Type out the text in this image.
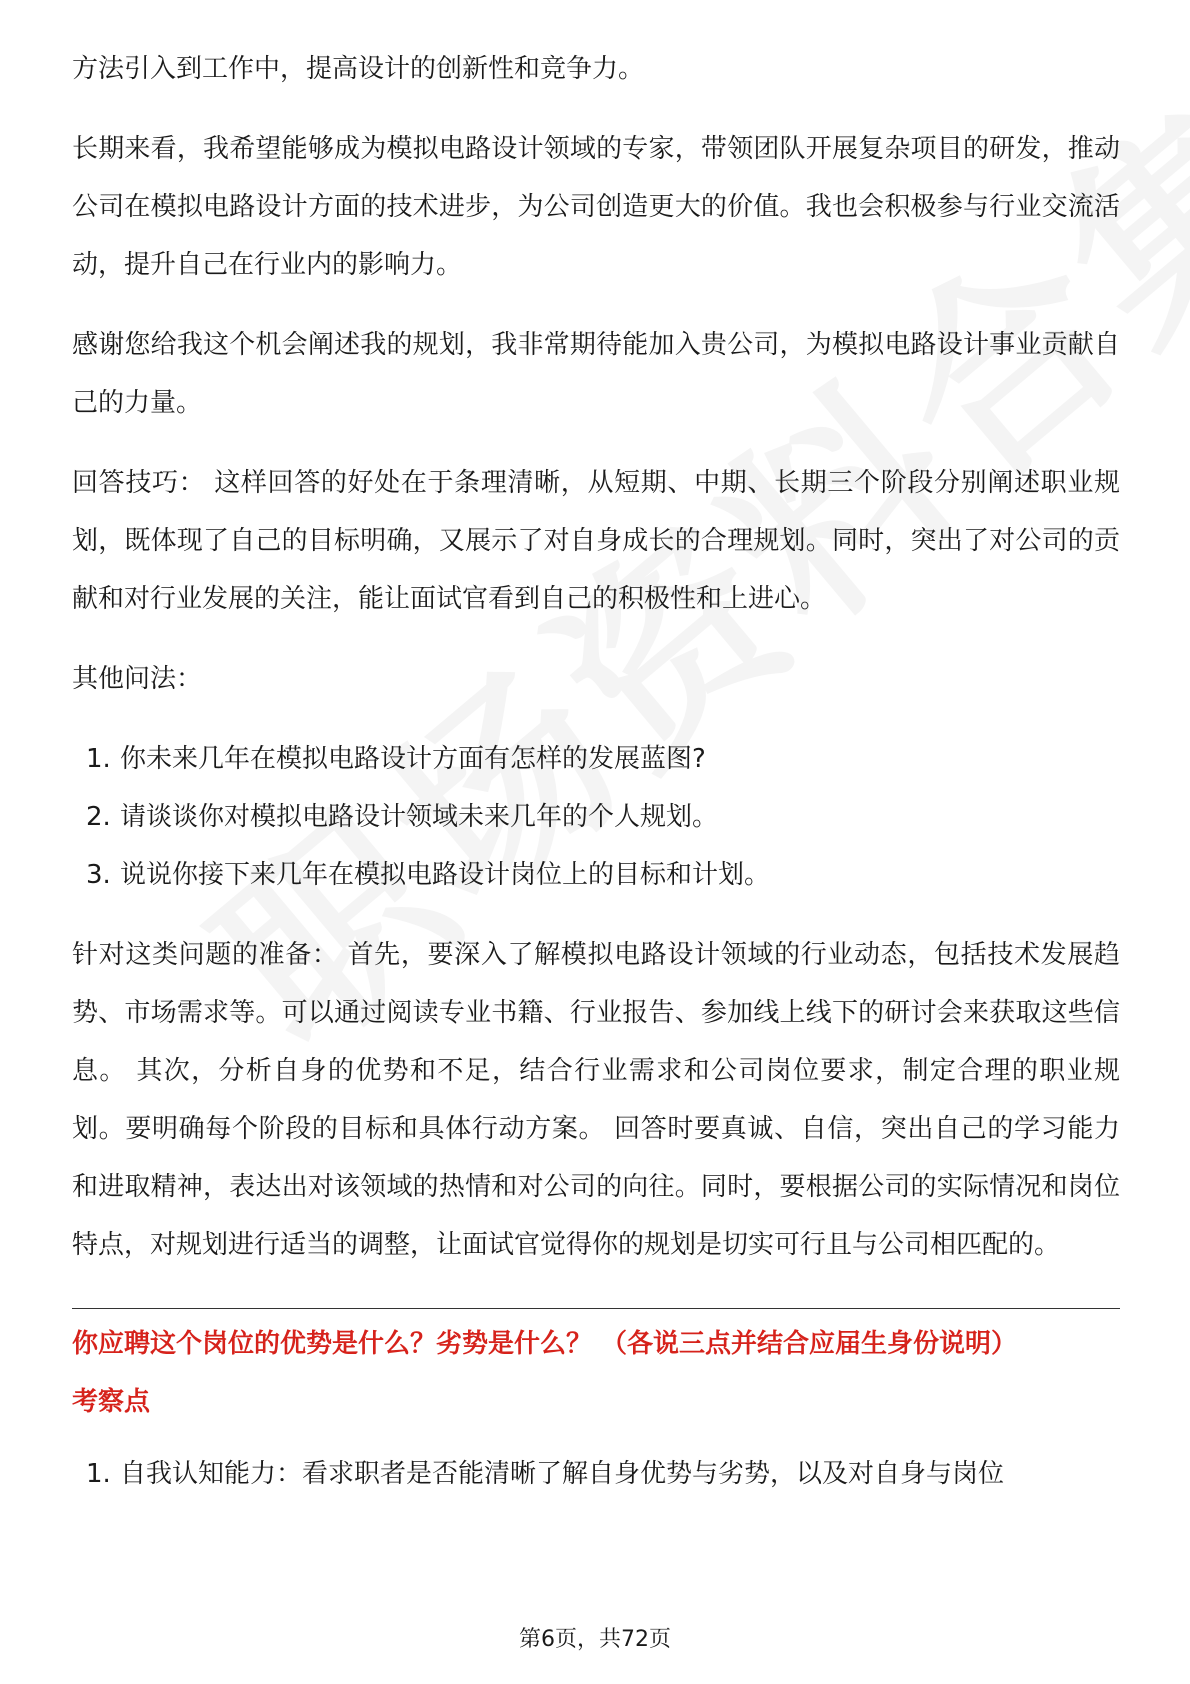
方法引入到工作中，提高设计的创新性和竞争力。

长期来看，我希望能够成为模拟电路设计领域的专家，带领团队开展复杂项目的研发，推动公司在模拟电路设计方面的技术进步，为公司创造更大的价值。我也会积极参与行业交流活动，提升自己在行业内的影响力。

感谢您给我这个机会阐述我的规划，我非常期待能加入贵公司，为模拟电路设计事业贡献自己的力量。

回答技巧： 这样回答的好处在于条理清晰，从短期、中期、长期三个阶段分别阐述职业规划，既体现了自己的目标明确，又展示了对自身成长的合理规划。同时，突出了对公司的贡献和对行业发展的关注，能让面试官看到自己的积极性和上进心。

其他问法：

1. 你未来几年在模拟电路设计方面有怎样的发展蓝图?
2. 请谈谈你对模拟电路设计领域未来几年的个人规划。
3. 说说你接下来几年在模拟电路设计岗位上的目标和计划。

针对这类问题的准备： 首先，要深入了解模拟电路设计领域的行业动态，包括技术发展趋势、市场需求等。可以通过阅读专业书籍、行业报告、参加线上线下的研讨会来获取这些信息。 其次，分析自身的优势和不足，结合行业需求和公司岗位要求，制定合理的职业规划。要明确每个阶段的目标和具体行动方案。 回答时要真诚、自信，突出自己的学习能力和进取精神，表达出对该领域的热情和对公司的向往。同时，要根据公司的实际情况和岗位特点，对规划进行适当的调整，让面试官觉得你的规划是切实可行且与公司相匹配的。

你应聘这个岗位的优势是什么？劣势是什么？ （各说三点并结合应届生身份说明）

考察点

1. 自我认知能力：看求职者是否能清晰了解自身优势与劣势，以及对自身与岗位
第6页，共72页
